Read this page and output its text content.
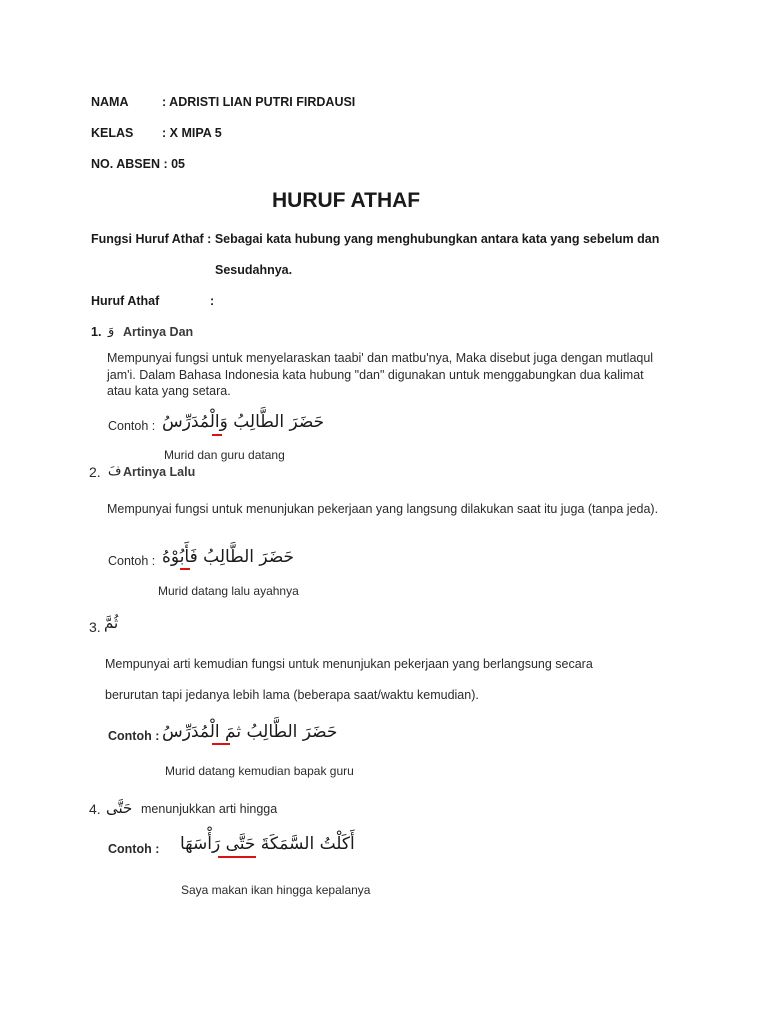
NAMA	: ADRISTI LIAN PUTRI FIRDAUSI
KELAS : X MIPA 5
NO. ABSEN : 05
HURUF ATHAF
Fungsi Huruf Athaf : Sebagai kata hubung yang menghubungkan antara kata yang sebelum dan
Sesudahnya.
Huruf Athaf	:
1. وَ Artinya Dan
Mempunyai fungsi untuk menyelaraskan taabi' dan matbu'nya, Maka disebut juga dengan mutlaqul jam'i. Dalam Bahasa Indonesia kata hubung "dan" digunakan untuk menggabungkan dua kalimat atau kata yang setara.
Contoh : حَضَرَ الطَّالِبُ وَالْمُدَرِّسُ
Murid dan guru datang
2. فَ Artinya Lalu
Mempunyai fungsi untuk menunjukan pekerjaan yang langsung dilakukan saat itu juga (tanpa jeda).
Contoh : حَضَرَ الطَّالِبُ فَأَبُوْهُ
Murid datang lalu ayahnya
3. ثُمَّ
Mempunyai arti kemudian fungsi untuk menunjukan pekerjaan yang berlangsung secara
berurutan tapi jedanya lebih lama (beberapa saat/waktu kemudian).
Contoh : حَضَرَ الطَّالِبُ ثمَ الْمُدَرِّسُ
Murid datang kemudian bapak guru
4. حَتَّى menunjukkan arti hingga
Contoh : أَكَلْتُ السَّمَكَةَ حَتَّى رَأْسَهَا
Saya makan ikan hingga kepalanya
